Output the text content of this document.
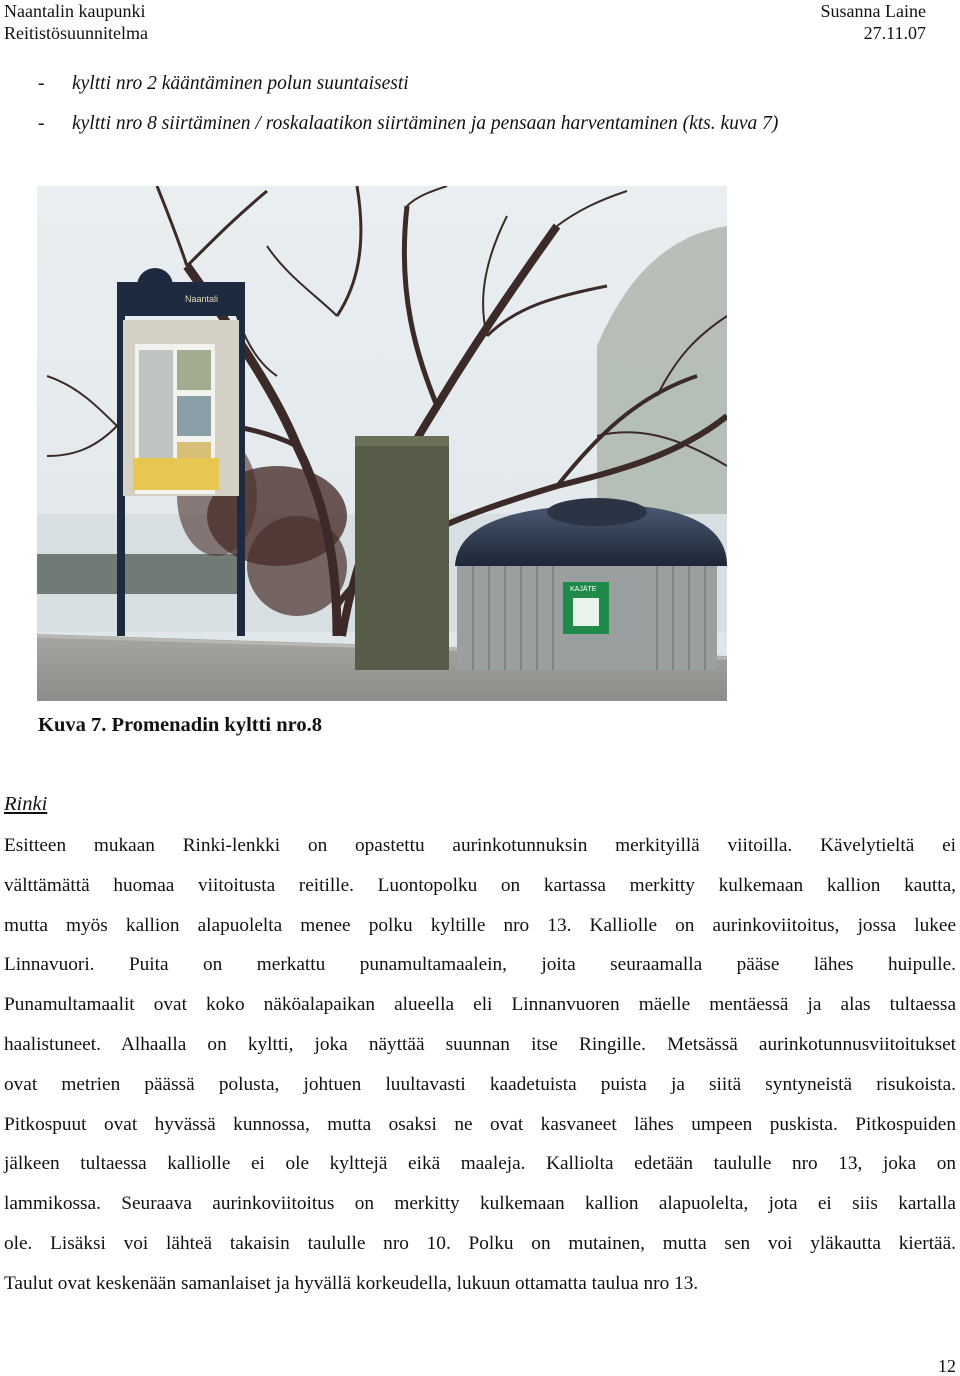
Naantalin kaupunki
Reitistösuunnitelma
Susanna Laine
27.11.07
- kyltti nro 2 kääntäminen polun suuntaisesti
- kyltti nro 8 siirtäminen / roskalaatikon siirtäminen ja pensaan harventaminen (kts. kuva 7)
Naantali
KAJÄTE
Kuva 7. Promenadin kyltti nro.8
Rinki
Esitteen mukaan Rinki-lenkki on opastettu aurinkotunnuksin merkityillä viitoilla. Kävelytieltä ei
välttämättä huomaa viitoitusta reitille. Luontopolku on kartassa merkitty kulkemaan kallion kautta,
mutta myös kallion alapuolelta menee polku kyltille nro 13. Kalliolle on aurinkoviitoitus, jossa lukee
Linnavuori. Puita on merkattu punamultamaalein, joita seuraamalla pääse lähes huipulle.
Punamultamaalit ovat koko näköalapaikan alueella eli Linnanvuoren mäelle mentäessä ja alas tultaessa
haalistuneet. Alhaalla on kyltti, joka näyttää suunnan itse Ringille. Metsässä aurinkotunnusviitoitukset
ovat metrien päässä polusta, johtuen luultavasti kaadetuista puista ja siitä syntyneistä risukoista.
Pitkospuut ovat hyvässä kunnossa, mutta osaksi ne ovat kasvaneet lähes umpeen puskista. Pitkospuiden
jälkeen tultaessa kalliolle ei ole kylttejä eikä maaleja. Kalliolta edetään taululle nro 13, joka on
lammikossa. Seuraava aurinkoviitoitus on merkitty kulkemaan kallion alapuolelta, jota ei siis kartalla
ole. Lisäksi voi lähteä takaisin taululle nro 10. Polku on mutainen, mutta sen voi yläkautta kiertää.
Taulut ovat keskenään samanlaiset ja hyvällä korkeudella, lukuun ottamatta taulua nro 13.
12
